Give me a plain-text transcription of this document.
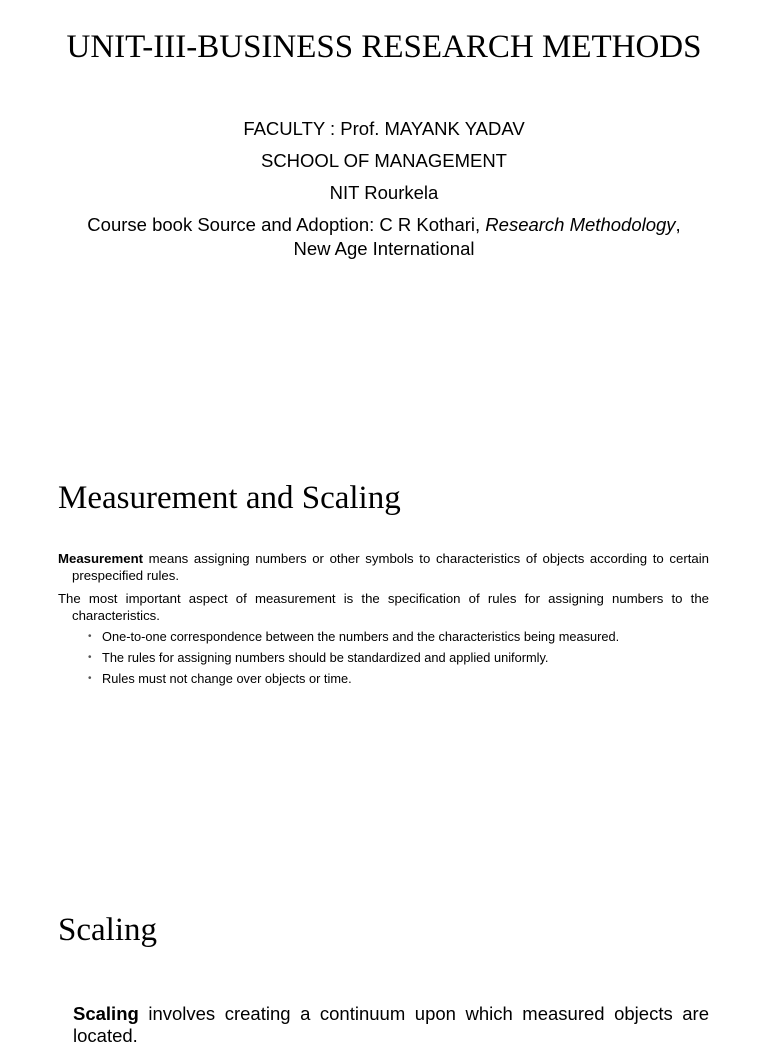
UNIT-III-BUSINESS RESEARCH METHODS
FACULTY : Prof. MAYANK YADAV
SCHOOL OF MANAGEMENT
NIT Rourkela
Course book Source and Adoption: C R Kothari, Research Methodology,
New Age International
Measurement and Scaling

Measurement means assigning numbers or other symbols to characteristics of objects according to certain prespecified rules.

The most important aspect of measurement is the specification of rules for assigning numbers to the characteristics.

• One-to-one correspondence between the numbers and the characteristics being measured.
• The rules for assigning numbers should be standardized and applied uniformly.
• Rules must not change over objects or time.
Scaling

Scaling involves creating a continuum upon which measured objects are located.
